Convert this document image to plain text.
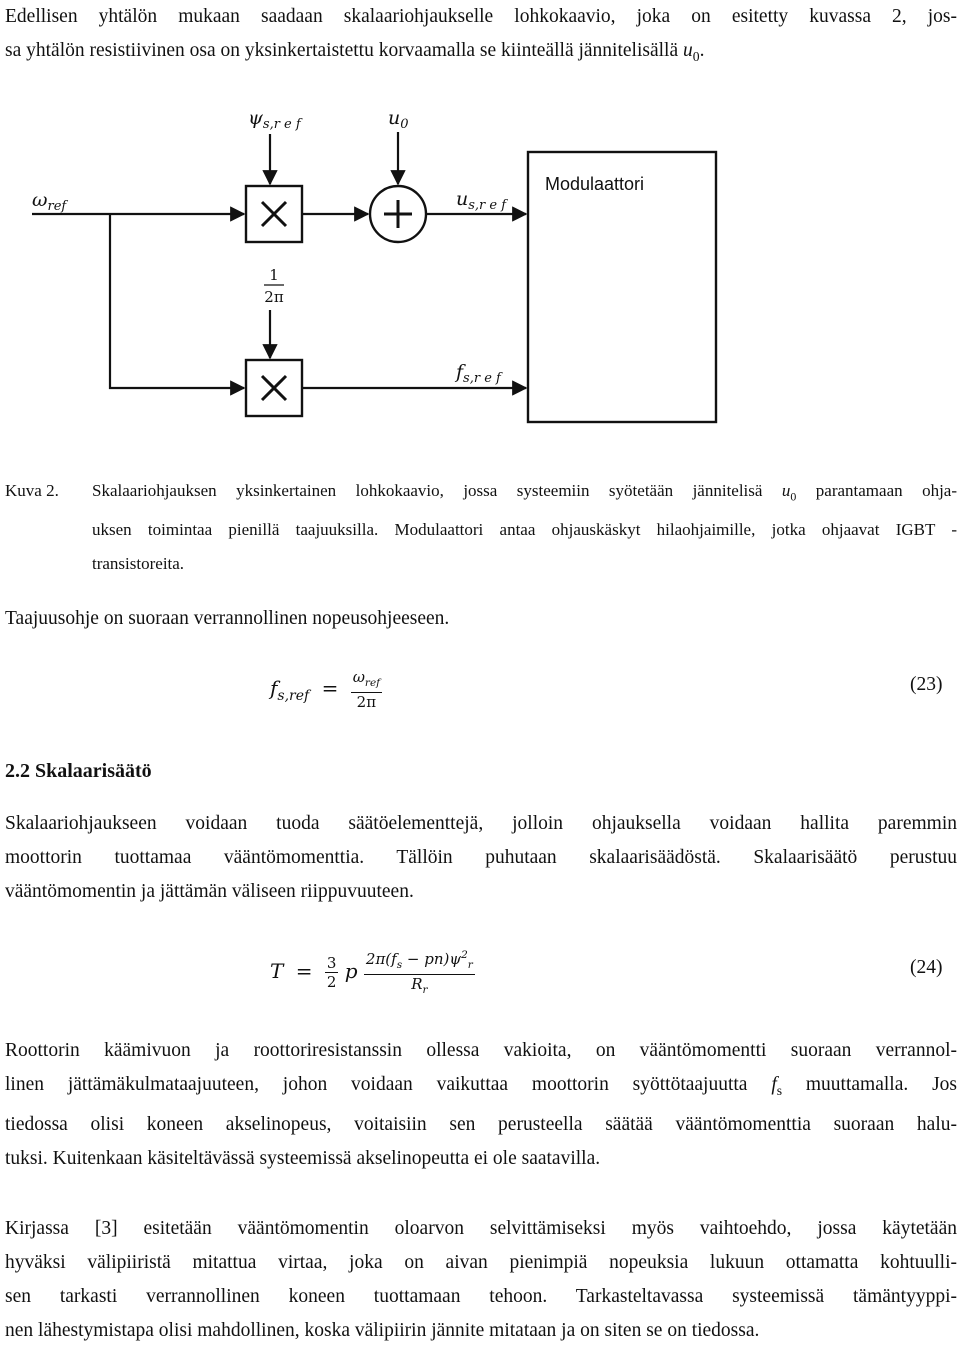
Edellisen yhtälön mukaan saadaan skalaariohjaukselle lohkokaavio, joka on esitetty kuvassa 2, jos-
sa yhtälön resistiivinen osa on yksinkertaistettu korvaamalla se kiinteällä jännitelisällä $u_0$.
$\psi_{s,r e f}$	$u_0$
$\omega_{ref}$	$u_{s,r e f}$
$f_{s,r e f}$
1
2π
Modulaattori
Kuva 2. Skalaariohjauksen yksinkertainen lohkokaavio, jossa systeemiin syötetään jännitelisä $u_0$ parantamaan ohja-
uksen toimintaa pienillä taajuuksilla. Modulaattori antaa ohjauskäskyt hilaohjaimille, jotka ohjaavat IGBT -
transistoreita.
Taajuusohje on suoraan verrannollinen nopeusohjeeseen.
$f_{s,ref} = \frac{\omega_{ref}}{2\pi}$	(23)
2.2 Skalaarisäätö
Skalaariohjaukseen voidaan tuoda säätöelementtejä, jolloin ohjauksella voidaan hallita paremmin
moottorin tuottamaa vääntömomenttia. Tällöin puhutaan skalaarisäädöstä. Skalaarisäätö perustuu
vääntömomentin ja jättämän väliseen riippuvuuteen.
$T = \frac{3}{2}$ p $\frac{2\pi(f_s - pn)\psi^2_r}{R_r}$	(24)
Roottorin käämivuon ja roottoriresistanssin ollessa vakioita, on vääntömomentti suoraan verrannol-
linen jättämäkulmataajuuteen, johon voidaan vaikuttaa moottorin syöttötaajuutta $f_s$ muuttamalla. Jos
tiedossa olisi koneen akselinopeus, voitaisiin sen perusteella säätää vääntömomenttia suoraan halu-
tuksi. Kuitenkaan käsiteltävässä systeemissä akselinopeutta ei ole saatavilla.
Kirjassa [3] esitetään vääntömomentin oloarvon selvittämiseksi myös vaihtoehdo, jossa käytetään
hyväksi välipiiristä mitattua virtaa, joka on aivan pienimpiä nopeuksia lukuun ottamatta kohtuulli-
sen tarkasti verrannollinen koneen tuottamaan tehoon. Tarkasteltavassa systeemissä tämäntyyppi-
nen lähestymistapa olisi mahdollinen, koska välipiirin jännite mitataan ja on siten se on tiedossa.
